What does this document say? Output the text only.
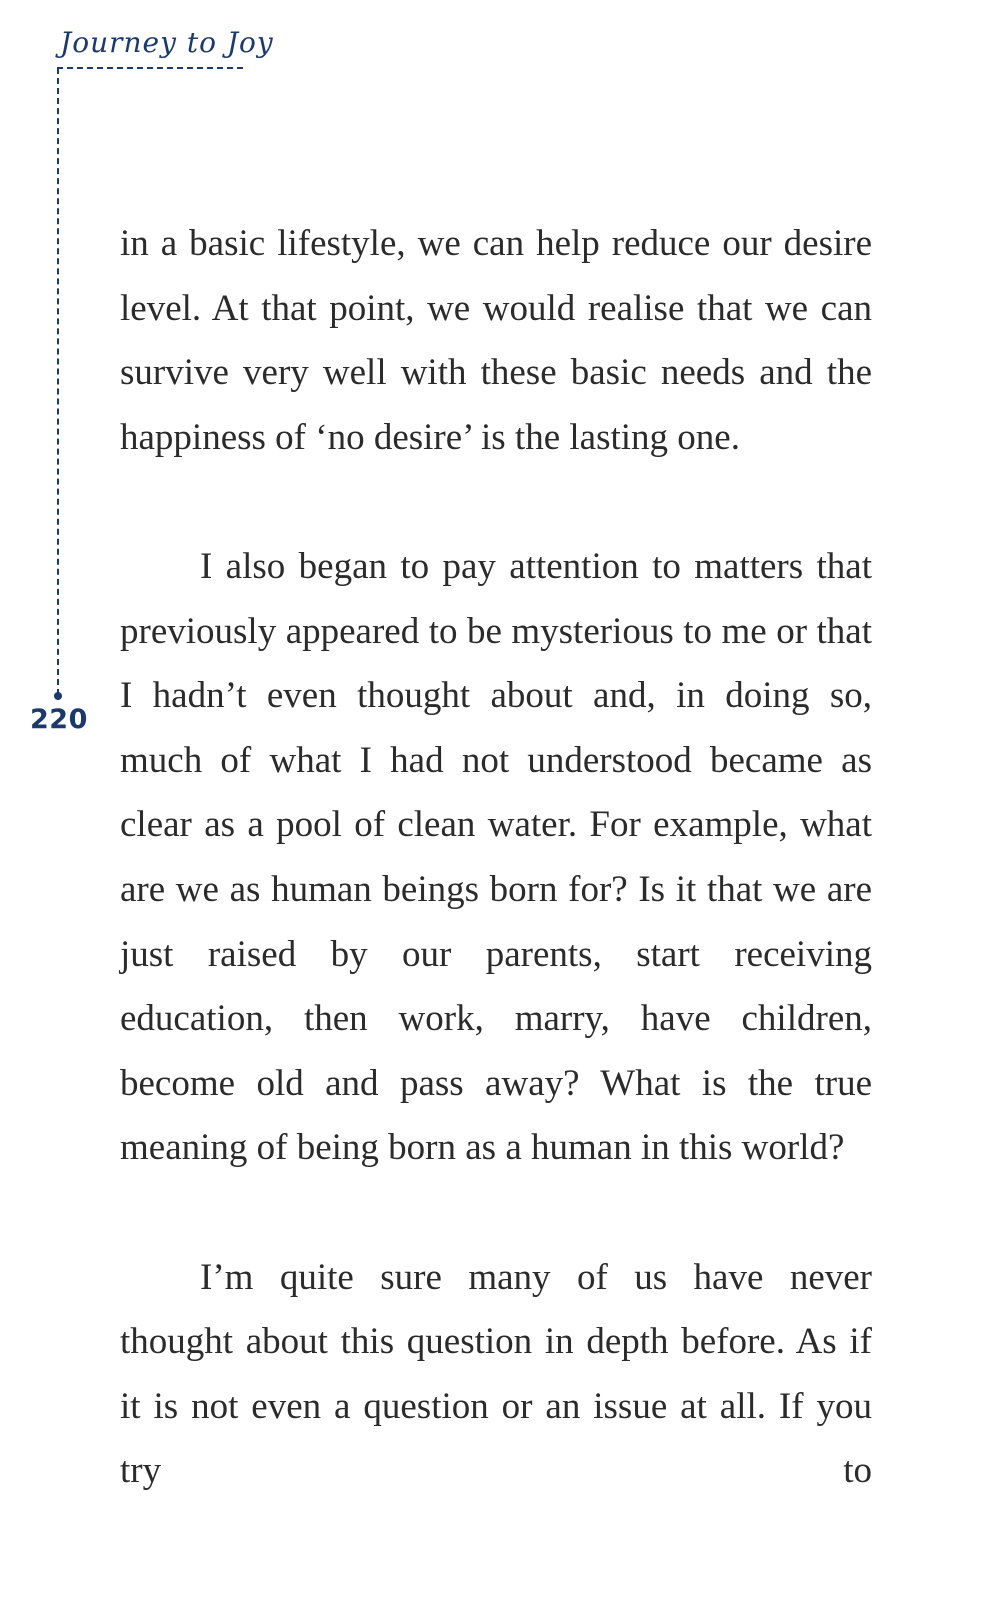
Journey to Joy
220

in a basic lifestyle, we can help reduce our desire level. At that point, we would realise that we can survive very well with these basic needs and the happiness of ‘no desire’ is the lasting one.

I also began to pay attention to matters that previously appeared to be mysterious to me or that I hadn’t even thought about and, in doing so, much of what I had not understood became as clear as a pool of clean water. For example, what are we as human beings born for? Is it that we are just raised by our parents, start receiving education, then work, marry, have children, become old and pass away? What is the true meaning of being born as a human in this world?

I’m quite sure many of us have never thought about this question in depth before. As if it is not even a question or an issue at all. If you try to
